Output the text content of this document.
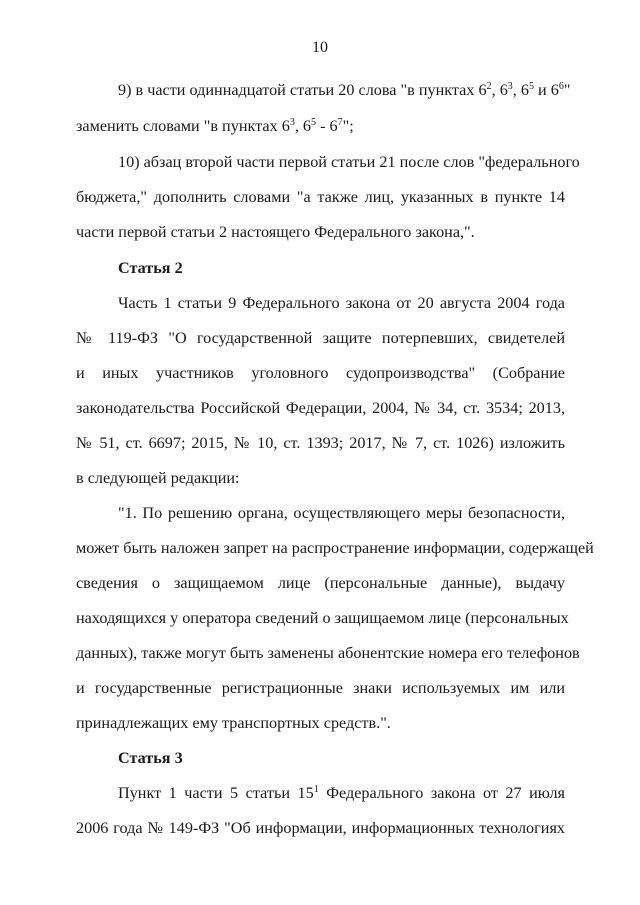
10
9) в части одиннадцатой статьи 20 слова "в пунктах $6^2$, $6^3$, $6^5$ и $6^6$"
заменить словами "в пунктах $6^3$, $6^5 - 6^7$";
10) абзац второй части первой статьи 21 после слов "федерального
бюджета," дополнить словами "а также лиц, указанных в пункте 14
части первой статьи 2 настоящего Федерального закона,".
Статья 2
Часть 1 статьи 9 Федерального закона от 20 августа 2004 года
№ 119-ФЗ "О государственной защите потерпевших, свидетелей
и иных участников уголовного судопроизводства" (Собрание
законодательства Российской Федерации, 2004, № 34, ст. 3534; 2013,
№ 51, ст. 6697; 2015, № 10, ст. 1393; 2017, № 7, ст. 1026) изложить
в следующей редакции:
"1. По решению органа, осуществляющего меры безопасности,
может быть наложен запрет на распространение информации, содержащей
сведения о защищаемом лице (персональные данные), выдачу
находящихся у оператора сведений о защищаемом лице (персональных
данных), также могут быть заменены абонентские номера его телефонов
и государственные регистрационные знаки используемых им или
принадлежащих ему транспортных средств.".
Статья 3
Пункт 1 части 5 статьи $15^1$ Федерального закона от 27 июля
2006 года № 149-ФЗ "Об информации, информационных технологиях
